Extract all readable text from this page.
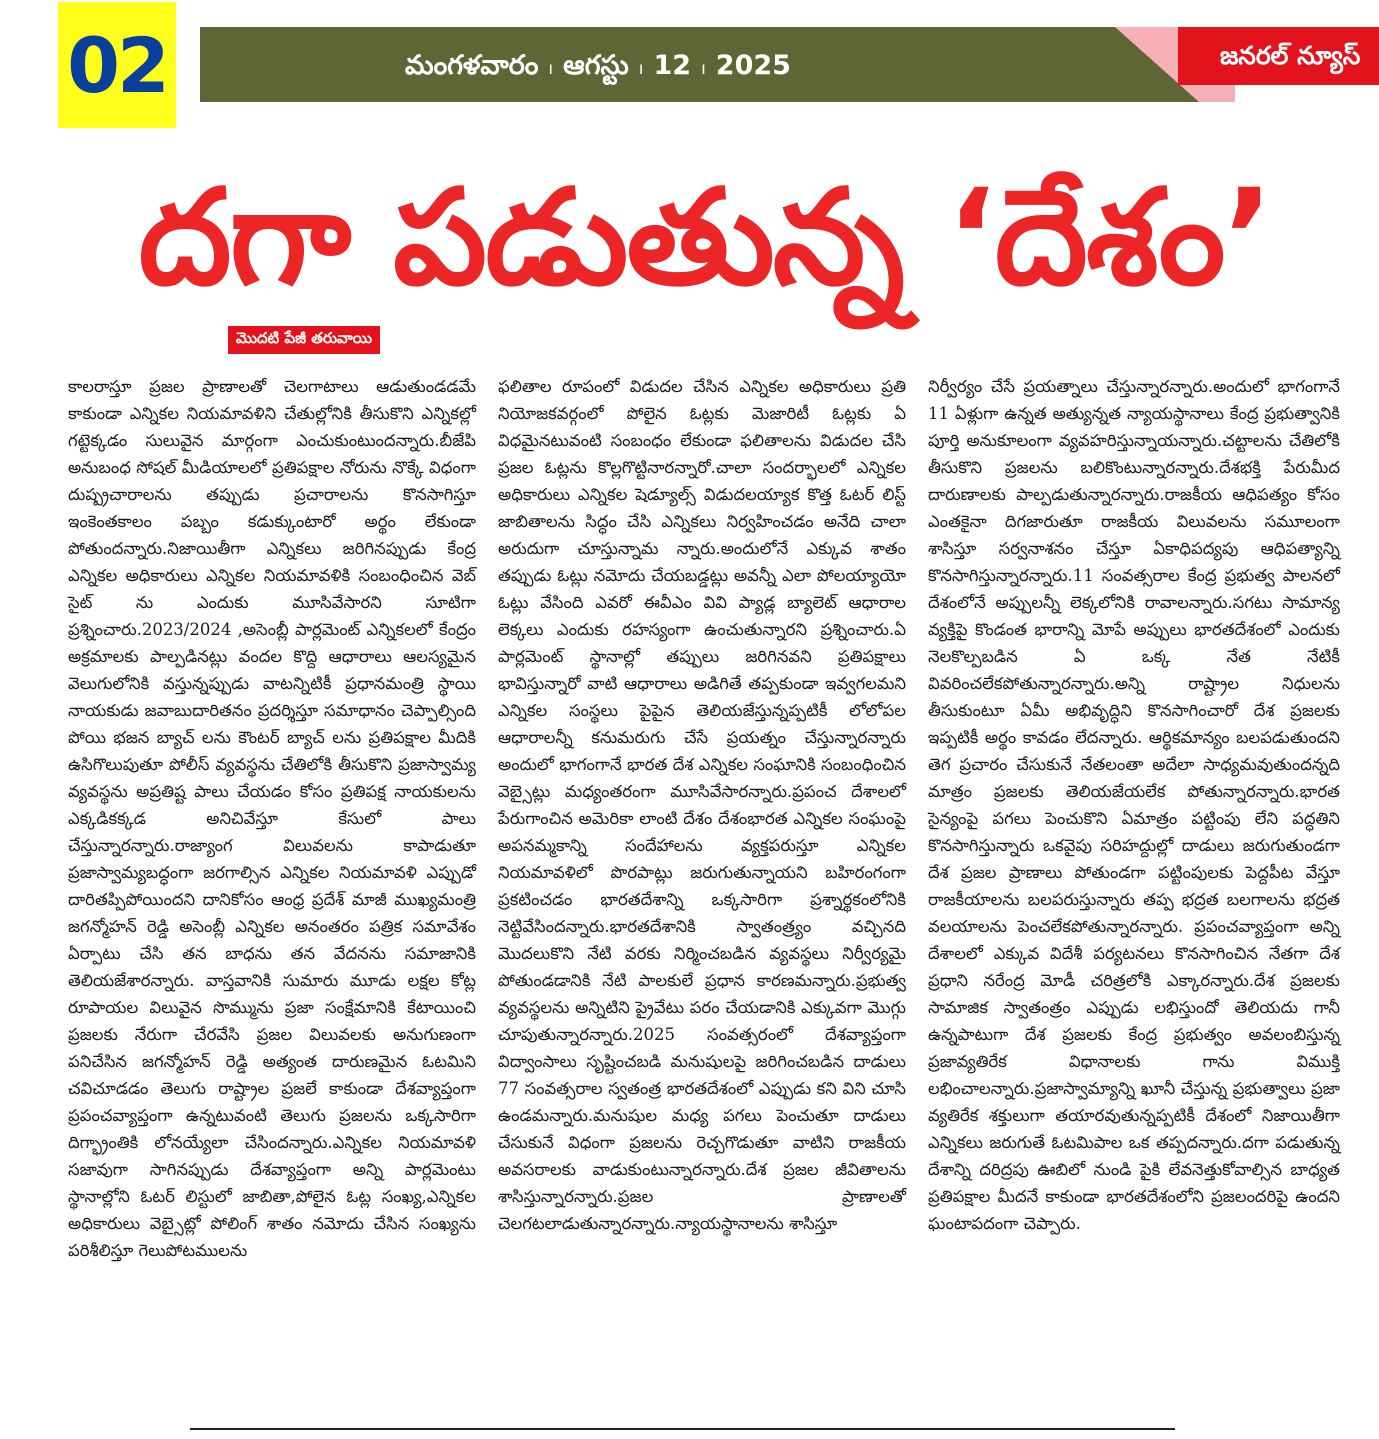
02	మంగళవారం ı ఆగస్టు ı 12 ı 2025	జనరల్ న్యూస్
దగా పడుతున్న ‘దేశం’
మొదటి పేజీ తరువాయి
కాలరాస్తూ ప్రజల ప్రాణాలతో చెలగాటాలు ఆడుతుండడమే కాకుండా ఎన్నికల నియమావళిని చేతుల్లోనికి తీసుకొని ఎన్నికల్లో గట్టెక్కడం సులువైన మార్గంగా ఎంచుకుంటుందన్నారు.బీజేపి అనుబంధ సోషల్ మీడియాలలో ప్రతిపక్షాల నోరును నొక్కే విధంగా దుష్ప్రచారాలను తప్పుడు ప్రచారాలను కొనసాగిస్తూ ఇంకెంతకాలం పబ్బం కడుక్కుంటారో అర్థం లేకుండా పోతుందన్నారు.నిజాయితీగా ఎన్నికలు జరిగినప్పుడు కేంద్ర ఎన్నికల అధికారులు ఎన్నికల నియమావళికి సంబంధించిన వెబ్ సైట్ ను ఎందుకు మూసివేసారని సూటిగా ప్రశ్నించారు.2023/2024 ,అసెంబ్లీ పార్లమెంట్ ఎన్నికలలో కేంద్రం అక్రమాలకు పాల్పడినట్లు వందల కొద్ది ఆధారాలు ఆలస్యమైన వెలుగులోనికి వస్తున్నప్పుడు వాటన్నిటికీ ప్రధానమంత్రి స్థాయి నాయకుడు జవాబుదారితనం ప్రదర్శిస్తూ సమాధానం చెప్పాల్సింది పోయి భజన బ్యాచ్ లను కౌంటర్ బ్యాచ్ లను ప్రతిపక్షాల మీదికి ఉసిగొలుపుతూ పోలీస్ వ్యవస్థను చేతిలోకి తీసుకొని ప్రజాస్వామ్య వ్యవస్థను అప్రతిష్ట పాలు చేయడం కోసం ప్రతిపక్ష నాయకులను ఎక్కడికక్కడ అనిచివేస్తూ కేసులో పాలు చేస్తున్నారన్నారు.రాజ్యాంగ విలువలను కాపాడుతూ ప్రజాస్వామ్యబద్ధంగా జరగాల్సిన ఎన్నికల నియమావళి ఎప్పుడో దారితప్పిపోయిందని దానికోసం ఆంధ్ర ప్రదేశ్ మాజీ ముఖ్యమంత్రి జగన్మోహన్ రెడ్డి అసెంబ్లీ ఎన్నికల అనంతరం పత్రిక సమావేశం ఏర్పాటు చేసి తన బాధను తన వేదనను సమాజానికి తెలియజేశారన్నారు. వాస్తవానికి సుమారు మూడు లక్షల కోట్ల రూపాయల విలువైన సొమ్మును ప్రజా సంక్షేమానికి కేటాయించి ప్రజలకు నేరుగా చేరవేసి ప్రజల విలువలకు అనుగుణంగా పనిచేసిన జగన్మోహన్ రెడ్డి అత్యంత దారుణమైన ఓటమిని చవిచూడడం తెలుగు రాష్ట్రాల ప్రజలే కాకుండా దేశవ్యాప్తంగా ప్రపంచవ్యాప్తంగా ఉన్నటువంటి తెలుగు ప్రజలను ఒక్కసారిగా దిగ్భ్రాంతికి లోనయ్యేలా చేసిందన్నారు.ఎన్నికల నియమావళి సజావుగా సాగినప్పుడు దేశవ్యాప్తంగా అన్ని పార్లమెంటు స్థానాల్లోని ఓటర్ లిస్టులో జాబితా,పోలైన ఓట్ల సంఖ్య,ఎన్నికల అధికారులు వెబ్సైట్లో పోలింగ్ శాతం నమోదు చేసిన సంఖ్యను పరిశీలిస్తూ గెలుపోటములను
ఫలితాల రూపంలో విడుదల చేసిన ఎన్నికల అధికారులు ప్రతి నియోజకవర్గంలో పోలైన ఓట్లకు మెజారిటీ ఓట్లకు ఏ విధమైనటువంటి సంబంధం లేకుండా ఫలితాలను విడుదల చేసి ప్రజల ఓట్లను కొల్లగొట్టినారన్నారో.చాలా సందర్భాలలో ఎన్నికల అధికారులు ఎన్నికల షెడ్యూల్స్ విడుదలయ్యాక కొత్త ఓటర్ లిస్ట్ జాబితాలను సిద్ధం చేసి ఎన్నికలు నిర్వహించడం అనేది చాలా అరుదుగా చూస్తున్నామ న్నారు.అందులోనే ఎక్కువ శాతం తప్పుడు ఓట్లు నమోదు చేయబడ్డట్లు అవన్నీ ఎలా పోలయ్యాయో ఓట్లు వేసింది ఎవరో ఈవీఎం వివి ప్యాడ్ల బ్యాలెట్ ఆధారాల లెక్కలు ఎందుకు రహస్యంగా ఉంచుతున్నారని ప్రశ్నించారు.ఏ పార్లమెంట్ స్థానాల్లో తప్పులు జరిగినవని ప్రతిపక్షాలు భావిస్తున్నారో వాటి ఆధారాలు అడిగితే తప్పకుండా ఇవ్వగలమని ఎన్నికల సంస్థలు పైపైన తెలియజేస్తున్నప్పటికీ లోలోపల ఆధారాలన్నీ కనుమరుగు చేసే ప్రయత్నం చేస్తున్నారన్నారు అందులో భాగంగానే భారత దేశ ఎన్నికల సంఘానికి సంబంధించిన వెబ్సైట్లు మధ్యంతరంగా మూసివేసారన్నారు.ప్రపంచ దేశాలలో పేరుగాంచిన అమెరికా లాంటి దేశం దేశంభారత ఎన్నికల సంఘంపై అపనమ్మకాన్ని సందేహాలను వ్యక్తపరుస్తూ ఎన్నికల నియమావళిలో పొరపాట్లు జరుగుతున్నాయని బహిరంగంగా ప్రకటించడం భారతదేశాన్ని ఒక్కసారిగా ప్రశ్నార్థకంలోనికి నెట్టివేసిందన్నారు.భారతదేశానికి స్వాతంత్ర్యం వచ్చినది మొదలుకొని నేటి వరకు నిర్మించబడిన వ్యవస్థలు నిర్వీర్యమై పోతుండడానికి నేటి పాలకులే ప్రధాన కారణమన్నారు.ప్రభుత్వ వ్యవస్థలను అన్నిటిని ప్రైవేటు పరం చేయడానికి ఎక్కువగా మొగ్గు చూపుతున్నారన్నారు.2025 సంవత్సరంలో దేశవ్యాప్తంగా విద్వాంసాలు సృష్టించబడి మనుషులపై జరిగించబడిన దాడులు 77 సంవత్సరాల స్వతంత్ర భారతదేశంలో ఎప్పుడు కని విని చూసి ఉండమన్నారు.మనుషుల మధ్య పగలు పెంచుతూ దాడులు చేసుకునే విధంగా ప్రజలను రెచ్చగొడుతూ వాటిని రాజకీయ అవసరాలకు వాడుకుంటున్నారన్నారు.దేశ ప్రజల జీవితాలను శాసిస్తున్నారన్నారు.ప్రజల ప్రాణాలతో చెలగటలాడుతున్నారన్నారు.న్యాయస్థానాలను శాసిస్తూ
నిర్వీర్యం చేసే ప్రయత్నాలు చేస్తున్నారన్నారు.అందులో భాగంగానే 11 ఏళ్లుగా ఉన్నత అత్యున్నత న్యాయస్థానాలు కేంద్ర ప్రభుత్వానికి పూర్తి అనుకూలంగా వ్యవహరిస్తున్నాయన్నారు.చట్టాలను చేతిలోకి తీసుకొని ప్రజలను బలికొంటున్నారన్నారు.దేశభక్తి పేరుమీద దారుణాలకు పాల్పడుతున్నారన్నారు.రాజకీయ ఆధిపత్యం కోసం ఎంతకైనా దిగజారుతూ రాజకీయ విలువలను సమూలంగా శాసిస్తూ సర్వనాశనం చేస్తూ ఏకాధిపద్యపు ఆధిపత్యాన్ని కొనసాగిస్తున్నారన్నారు.11 సంవత్సరాల కేంద్ర ప్రభుత్వ పాలనలో దేశంలోనే అప్పులన్నీ లెక్కలోనికి రావాలన్నారు.సగటు సామాన్య వ్యక్తిపై కొండంత భారాన్ని మోపే అప్పులు భారతదేశంలో ఎందుకు నెలకొల్పబడిన ఏ ఒక్క నేత నేటికీ వివరించలేకపోతున్నారన్నారు.అన్ని రాష్ట్రాల నిధులను తీసుకుంటూ ఏమీ అభివృద్ధిని కొనసాగించారో దేశ ప్రజలకు ఇప్పటికీ అర్థం కావడం లేదన్నారు. ఆర్థికమాన్యం బలపడుతుందని తెగ ప్రచారం చేసుకునే నేతలంతా అదేలా సాధ్యమవుతుందన్నది మాత్రం ప్రజలకు తెలియజేయలేక పోతున్నారన్నారు.భారత సైన్యంపై పగలు పెంచుకొని ఏమాత్రం పట్టింపు లేని పద్ధతిని కొనసాగిస్తున్నారు ఒకవైపు సరిహద్దుల్లో దాడులు జరుగుతుండగా దేశ ప్రజల ప్రాణాలు పోతుండగా పట్టింపులకు పెద్దపీట వేస్తూ రాజకీయాలను బలపరుస్తున్నారు తప్ప భద్రత బలగాలను భద్రత వలయాలను పెంచలేకపోతున్నారన్నారు. ప్రపంచవ్యాప్తంగా అన్ని దేశాలలో ఎక్కువ విదేశీ పర్యటనలు కొనసాగించిన నేతగా దేశ ప్రధాని నరేంద్ర మోడీ చరిత్రలోకి ఎక్కారన్నారు.దేశ ప్రజలకు సామాజిక స్వాతంత్రం ఎప్పుడు లభిస్తుందో తెలియదు గానీ ఉన్నపాటుగా దేశ ప్రజలకు కేంద్ర ప్రభుత్వం అవలంబిస్తున్న ప్రజావ్యతిరేక విధానాలకు గాను విముక్తి లభించాలన్నారు.ప్రజాస్వామ్యాన్ని ఖూనీ చేస్తున్న ప్రభుత్వాలు ప్రజా వ్యతిరేక శక్తులుగా తయారవుతున్నప్పటికీ దేశంలో నిజాయితీగా ఎన్నికలు జరుగుతే ఓటమిపాల ఒక తప్పదన్నారు.దగా పడుతున్న దేశాన్ని దరిద్రపు ఊబిలో నుండి పైకి లేవనెత్తుకోవాల్సిన బాధ్యత ప్రతిపక్షాల మీదనే కాకుండా భారతదేశంలోని ప్రజలందరిపై ఉందని ఘంటాపదంగా చెప్పారు.
